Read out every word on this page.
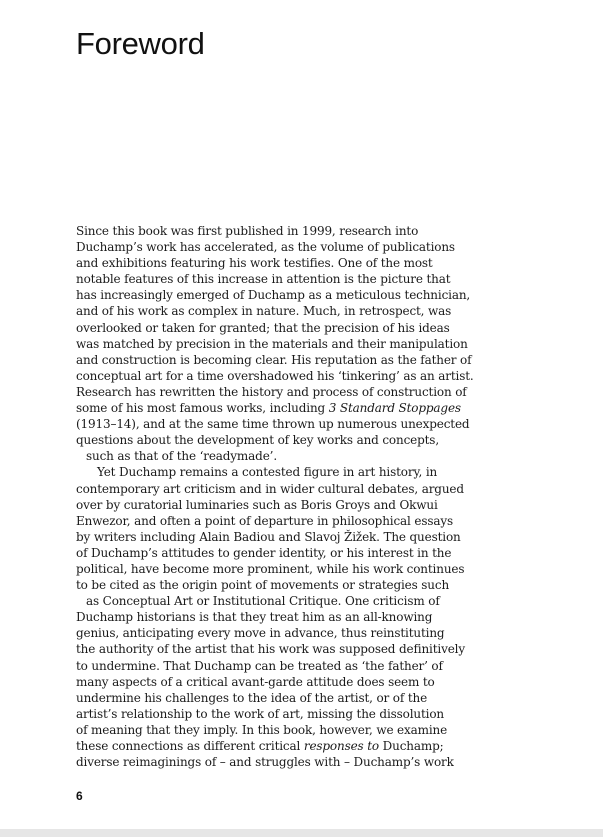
Foreword

Since this book was first published in 1999, research into
Duchamp’s work has accelerated, as the volume of publications
and exhibitions featuring his work testifies. One of the most
notable features of this increase in attention is the picture that
has increasingly emerged of Duchamp as a meticulous technician,
and of his work as complex in nature. Much, in retrospect, was
overlooked or taken for granted; that the precision of his ideas
was matched by precision in the materials and their manipulation
and construction is becoming clear. His reputation as the father of
conceptual art for a time overshadowed his ‘tinkering’ as an artist.
Research has rewritten the history and process of construction of
some of his most famous works, including 3 Standard Stoppages
(1913–14), and at the same time thrown up numerous unexpected
questions about the development of key works and concepts,
such as that of the ‘readymade’.

Yet Duchamp remains a contested figure in art history, in
contemporary art criticism and in wider cultural debates, argued
over by curatorial luminaries such as Boris Groys and Okwui
Enwezor, and often a point of departure in philosophical essays
by writers including Alain Badiou and Slavoj Žižek. The question
of Duchamp’s attitudes to gender identity, or his interest in the
political, have become more prominent, while his work continues
to be cited as the origin point of movements or strategies such
as Conceptual Art or Institutional Critique. One criticism of
Duchamp historians is that they treat him as an all-knowing
genius, anticipating every move in advance, thus reinstituting
the authority of the artist that his work was supposed definitively
to undermine. That Duchamp can be treated as ‘the father’ of
many aspects of a critical avant-garde attitude does seem to
undermine his challenges to the idea of the artist, or of the
artist’s relationship to the work of art, missing the dissolution
of meaning that they imply. In this book, however, we examine
these connections as different critical responses to Duchamp;
diverse reimaginings of – and struggles with – Duchamp’s work

6
